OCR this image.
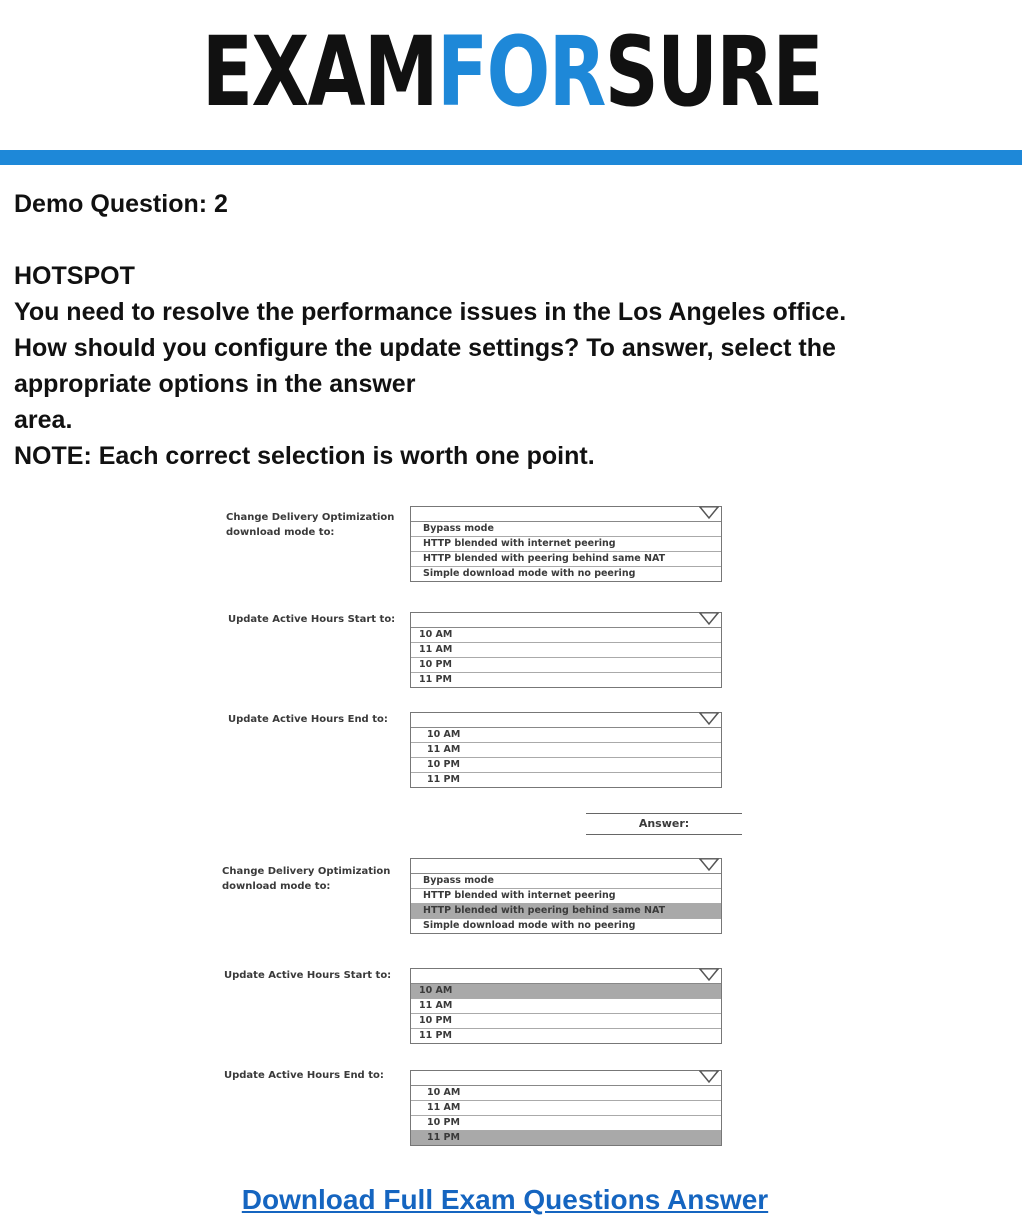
EXAMFORSURE
Demo Question: 2
HOTSPOT
You need to resolve the performance issues in the Los Angeles office.
How should you configure the update settings? To answer, select the
appropriate options in the answer
area.
NOTE: Each correct selection is worth one point.
Change Delivery Optimization
download mode to:	Bypass mode
HTTP blended with internet peering
HTTP blended with peering behind same NAT
Simple download mode with no peering
Update Active Hours Start to:
10 AM
11 AM
10 PM
11 PM
Update Active Hours End to:
10 AM
11 AM
10 PM
11 PM
Answer:
Change Delivery Optimization
download mode to:
Bypass mode
HTTP blended with internet peering
HTTP blended with peering behind same NAT
Simple download mode with no peering
Update Active Hours Start to:
10 AM
11 AM
10 PM
11 PM
Update Active Hours End to:
10 AM
11 AM
10 PM
11 PM
Download Full Exam Questions Answer
